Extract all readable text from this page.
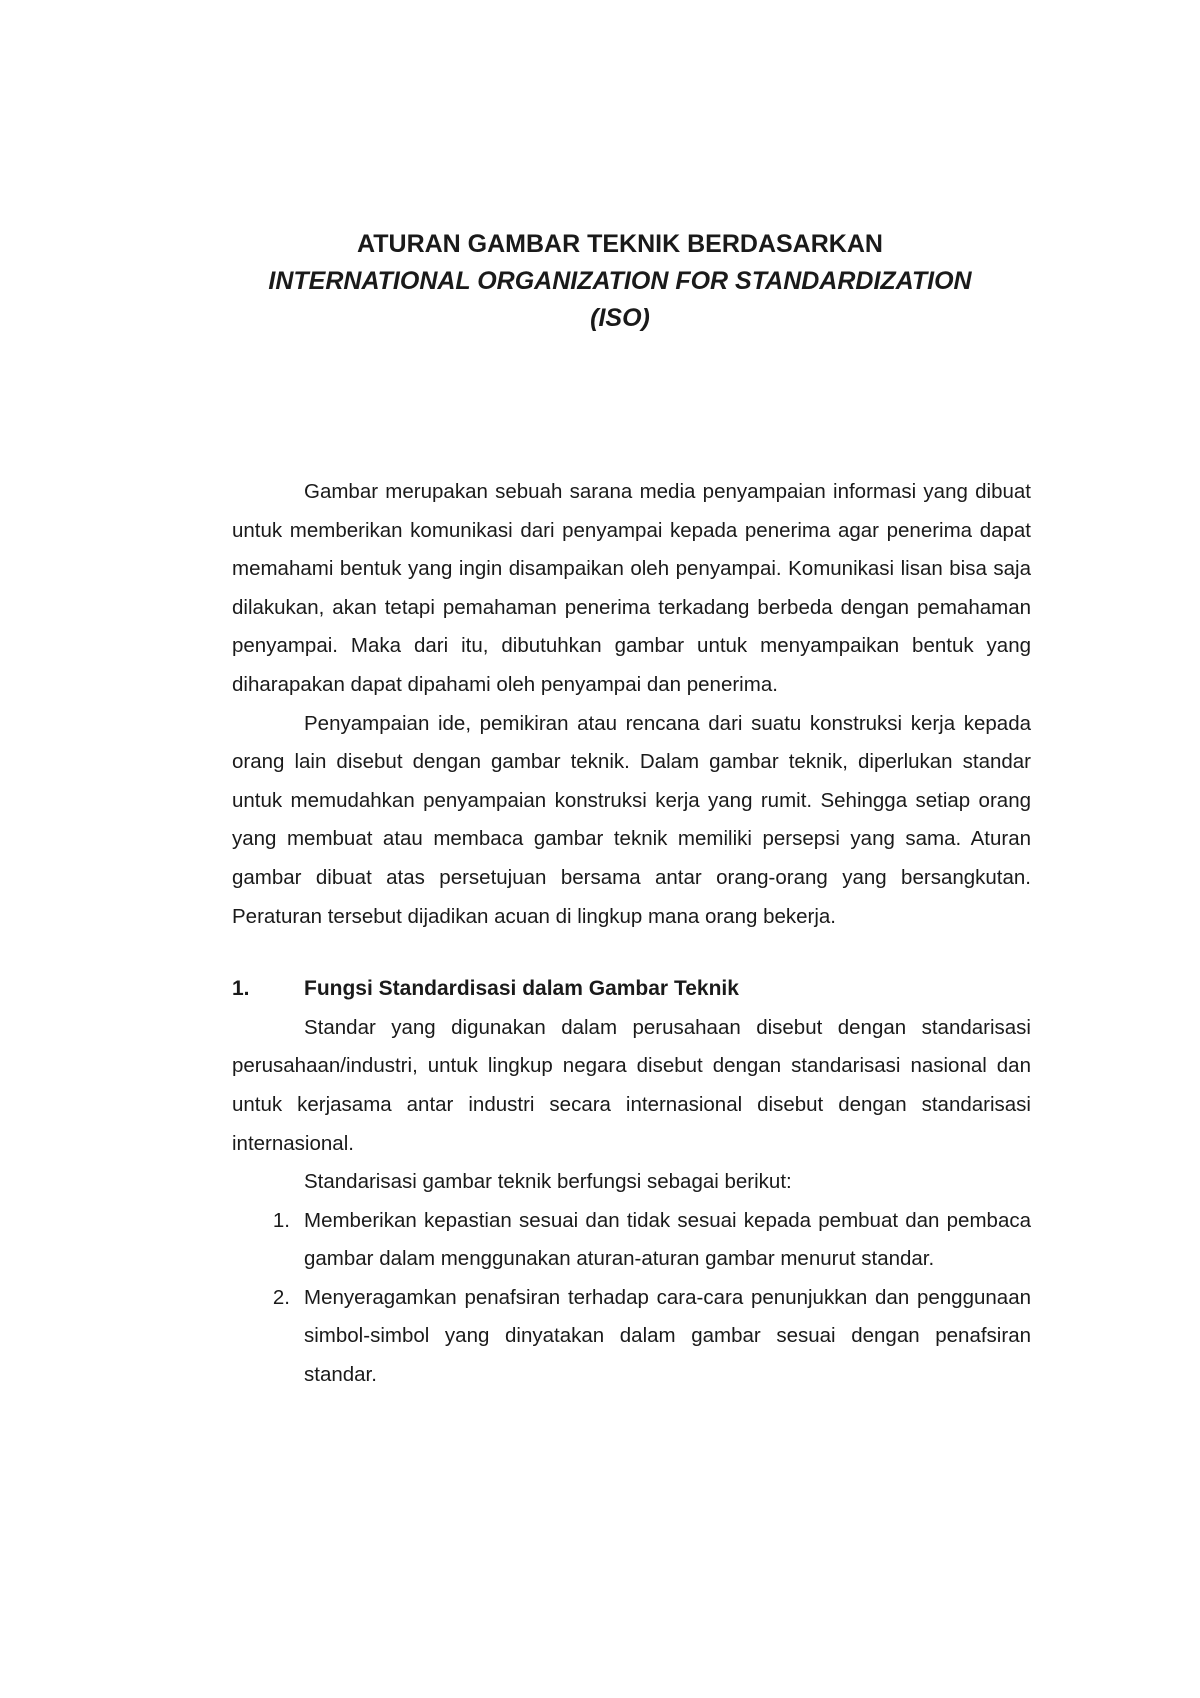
ATURAN GAMBAR TEKNIK BERDASARKAN
INTERNATIONAL ORGANIZATION FOR STANDARDIZATION
(ISO)

Gambar merupakan sebuah sarana media penyampaian informasi yang dibuat untuk memberikan komunikasi dari penyampai kepada penerima agar penerima dapat memahami bentuk yang ingin disampaikan oleh penyampai. Komunikasi lisan bisa saja dilakukan, akan tetapi pemahaman penerima terkadang berbeda dengan pemahaman penyampai. Maka dari itu, dibutuhkan gambar untuk menyampaikan bentuk yang diharapakan dapat dipahami oleh penyampai dan penerima.

Penyampaian ide, pemikiran atau rencana dari suatu konstruksi kerja kepada orang lain disebut dengan gambar teknik. Dalam gambar teknik, diperlukan standar untuk memudahkan penyampaian konstruksi kerja yang rumit. Sehingga setiap orang yang membuat atau membaca gambar teknik memiliki persepsi yang sama. Aturan gambar dibuat atas persetujuan bersama antar orang-orang yang bersangkutan. Peraturan tersebut dijadikan acuan di lingkup mana orang bekerja.

1.	Fungsi Standardisasi dalam Gambar Teknik

Standar yang digunakan dalam perusahaan disebut dengan standarisasi perusahaan/industri, untuk lingkup negara disebut dengan standarisasi nasional dan untuk kerjasama antar industri secara internasional disebut dengan standarisasi internasional.

Standarisasi gambar teknik berfungsi sebagai berikut:

1. Memberikan kepastian sesuai dan tidak sesuai kepada pembuat dan pembaca gambar dalam menggunakan aturan-aturan gambar menurut standar.
2. Menyeragamkan penafsiran terhadap cara-cara penunjukkan dan penggunaan simbol-simbol yang dinyatakan dalam gambar sesuai dengan penafsiran standar.
